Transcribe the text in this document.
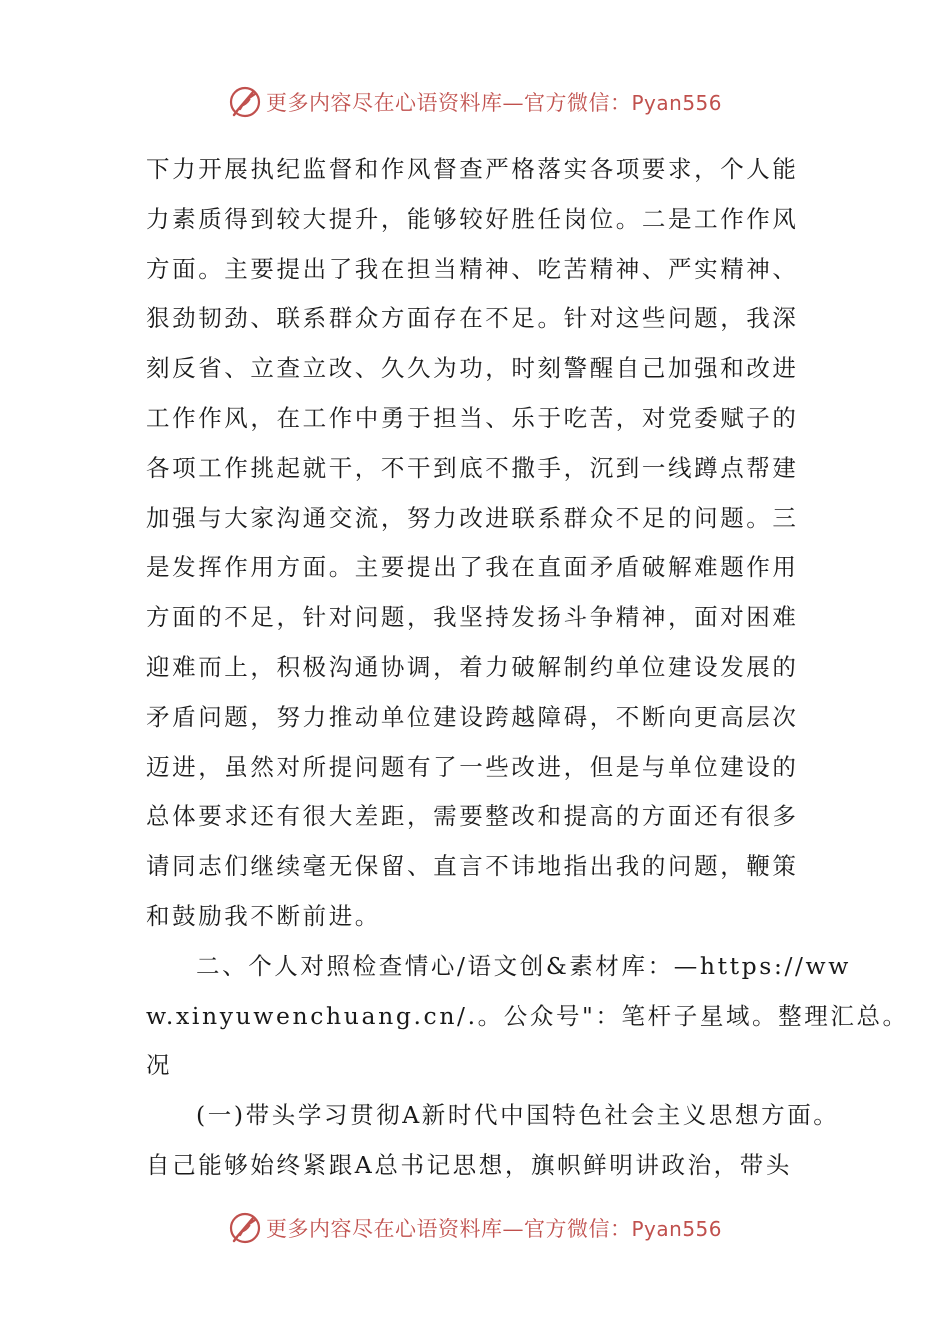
更多内容尽在心语资料库—官方微信：Pyan556
下力开展执纪监督和作风督查严格落实各项要求，个人能
力素质得到较大提升，能够较好胜任岗位。二是工作作风
方面。主要提出了我在担当精神、吃苦精神、严实精神、
狠劲韧劲、联系群众方面存在不足。针对这些问题，我深
刻反省、立查立改、久久为功，时刻警醒自己加强和改进
工作作风，在工作中勇于担当、乐于吃苦，对党委赋子的
各项工作挑起就干，不干到底不撒手，沉到一线蹲点帮建
加强与大家沟通交流，努力改进联系群众不足的问题。三
是发挥作用方面。主要提出了我在直面矛盾破解难题作用
方面的不足，针对问题，我坚持发扬斗争精神，面对困难
迎难而上，积极沟通协调，着力破解制约单位建设发展的
矛盾问题，努力推动单位建设跨越障碍，不断向更高层次
迈进，虽然对所提问题有了一些改进，但是与单位建设的
总体要求还有很大差距，需要整改和提高的方面还有很多
请同志们继续毫无保留、直言不讳地指出我的问题，鞭策
和鼓励我不断前进。
二、个人对照检查情心/语文创&素材库：—https://ww
w.xinyuwenchuang.cn/.。公众号"：笔杆子星域。整理汇总。
况
(一)带头学习贯彻A新时代中国特色社会主义思想方面。
自己能够始终紧跟A总书记思想，旗帜鲜明讲政治，带头
更多内容尽在心语资料库—官方微信：Pyan556
